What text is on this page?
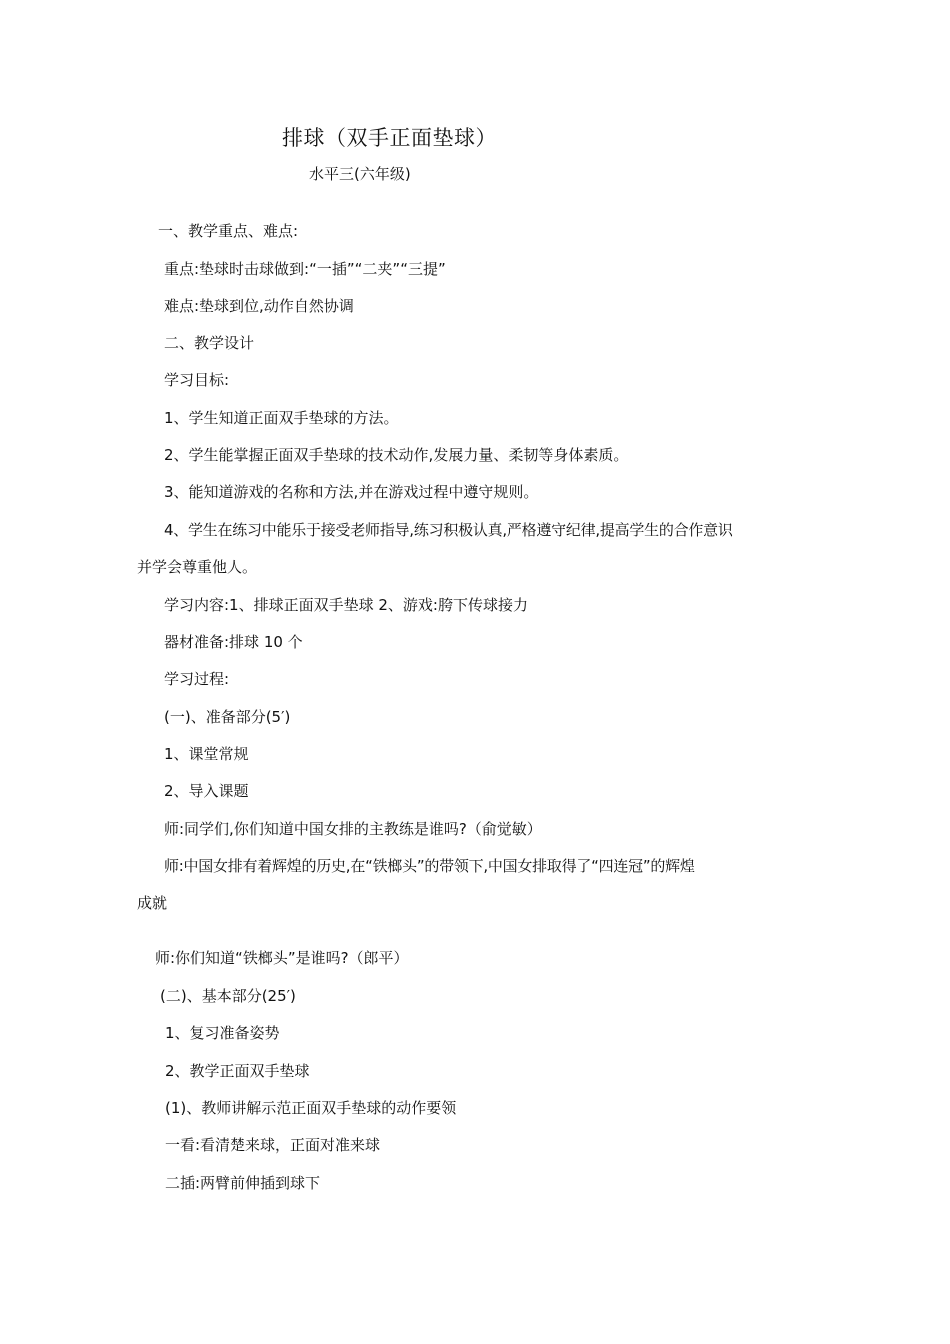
排球（双手正面垫球）
水平三(六年级)
一、教学重点、难点:
重点:垫球时击球做到:“一插”“二夹”“三提”
难点:垫球到位,动作自然协调
二、教学设计
学习目标:
1、学生知道正面双手垫球的方法。
2、学生能掌握正面双手垫球的技术动作,发展力量、柔韧等身体素质。
3、能知道游戏的名称和方法,并在游戏过程中遵守规则。
4、学生在练习中能乐于接受老师指导,练习积极认真,严格遵守纪律,提高学生的合作意识
并学会尊重他人。
学习内容:1、排球正面双手垫球 2、游戏:胯下传球接力
器材准备:排球 10 个
学习过程:
(一)、准备部分(5′)
1、课堂常规
2、导入课题
师:同学们,你们知道中国女排的主教练是谁吗?（俞觉敏）
师:中国女排有着辉煌的历史,在“铁榔头”的带领下,中国女排取得了“四连冠”的辉煌
成就
师:你们知道“铁榔头”是谁吗?（郎平）
(二)、基本部分(25′)
1、复习准备姿势
2、教学正面双手垫球
(1)、教师讲解示范正面双手垫球的动作要领
一看:看清楚来球，正面对准来球
二插:两臂前伸插到球下
